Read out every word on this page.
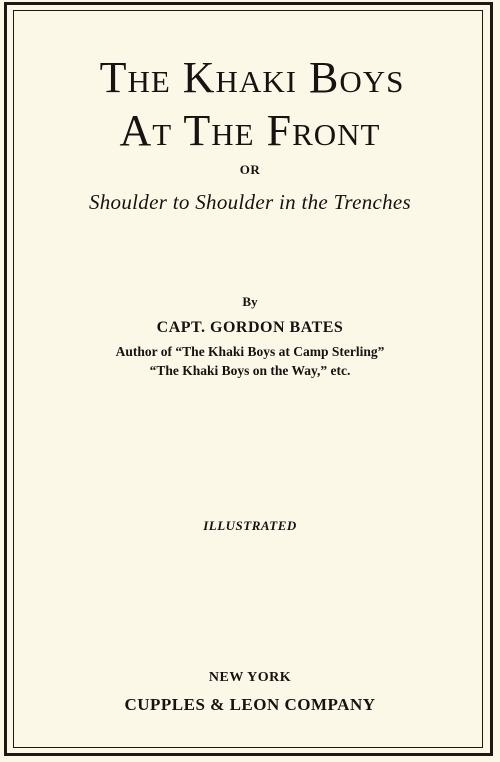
The Khaki Boys
At The Front
OR
Shoulder to Shoulder in the Trenches
By
CAPT. GORDON BATES
Author of “The Khaki Boys at Camp Sterling”
“The Khaki Boys on the Way,” etc.
ILLUSTRATED
NEW YORK
CUPPLES & LEON COMPANY
